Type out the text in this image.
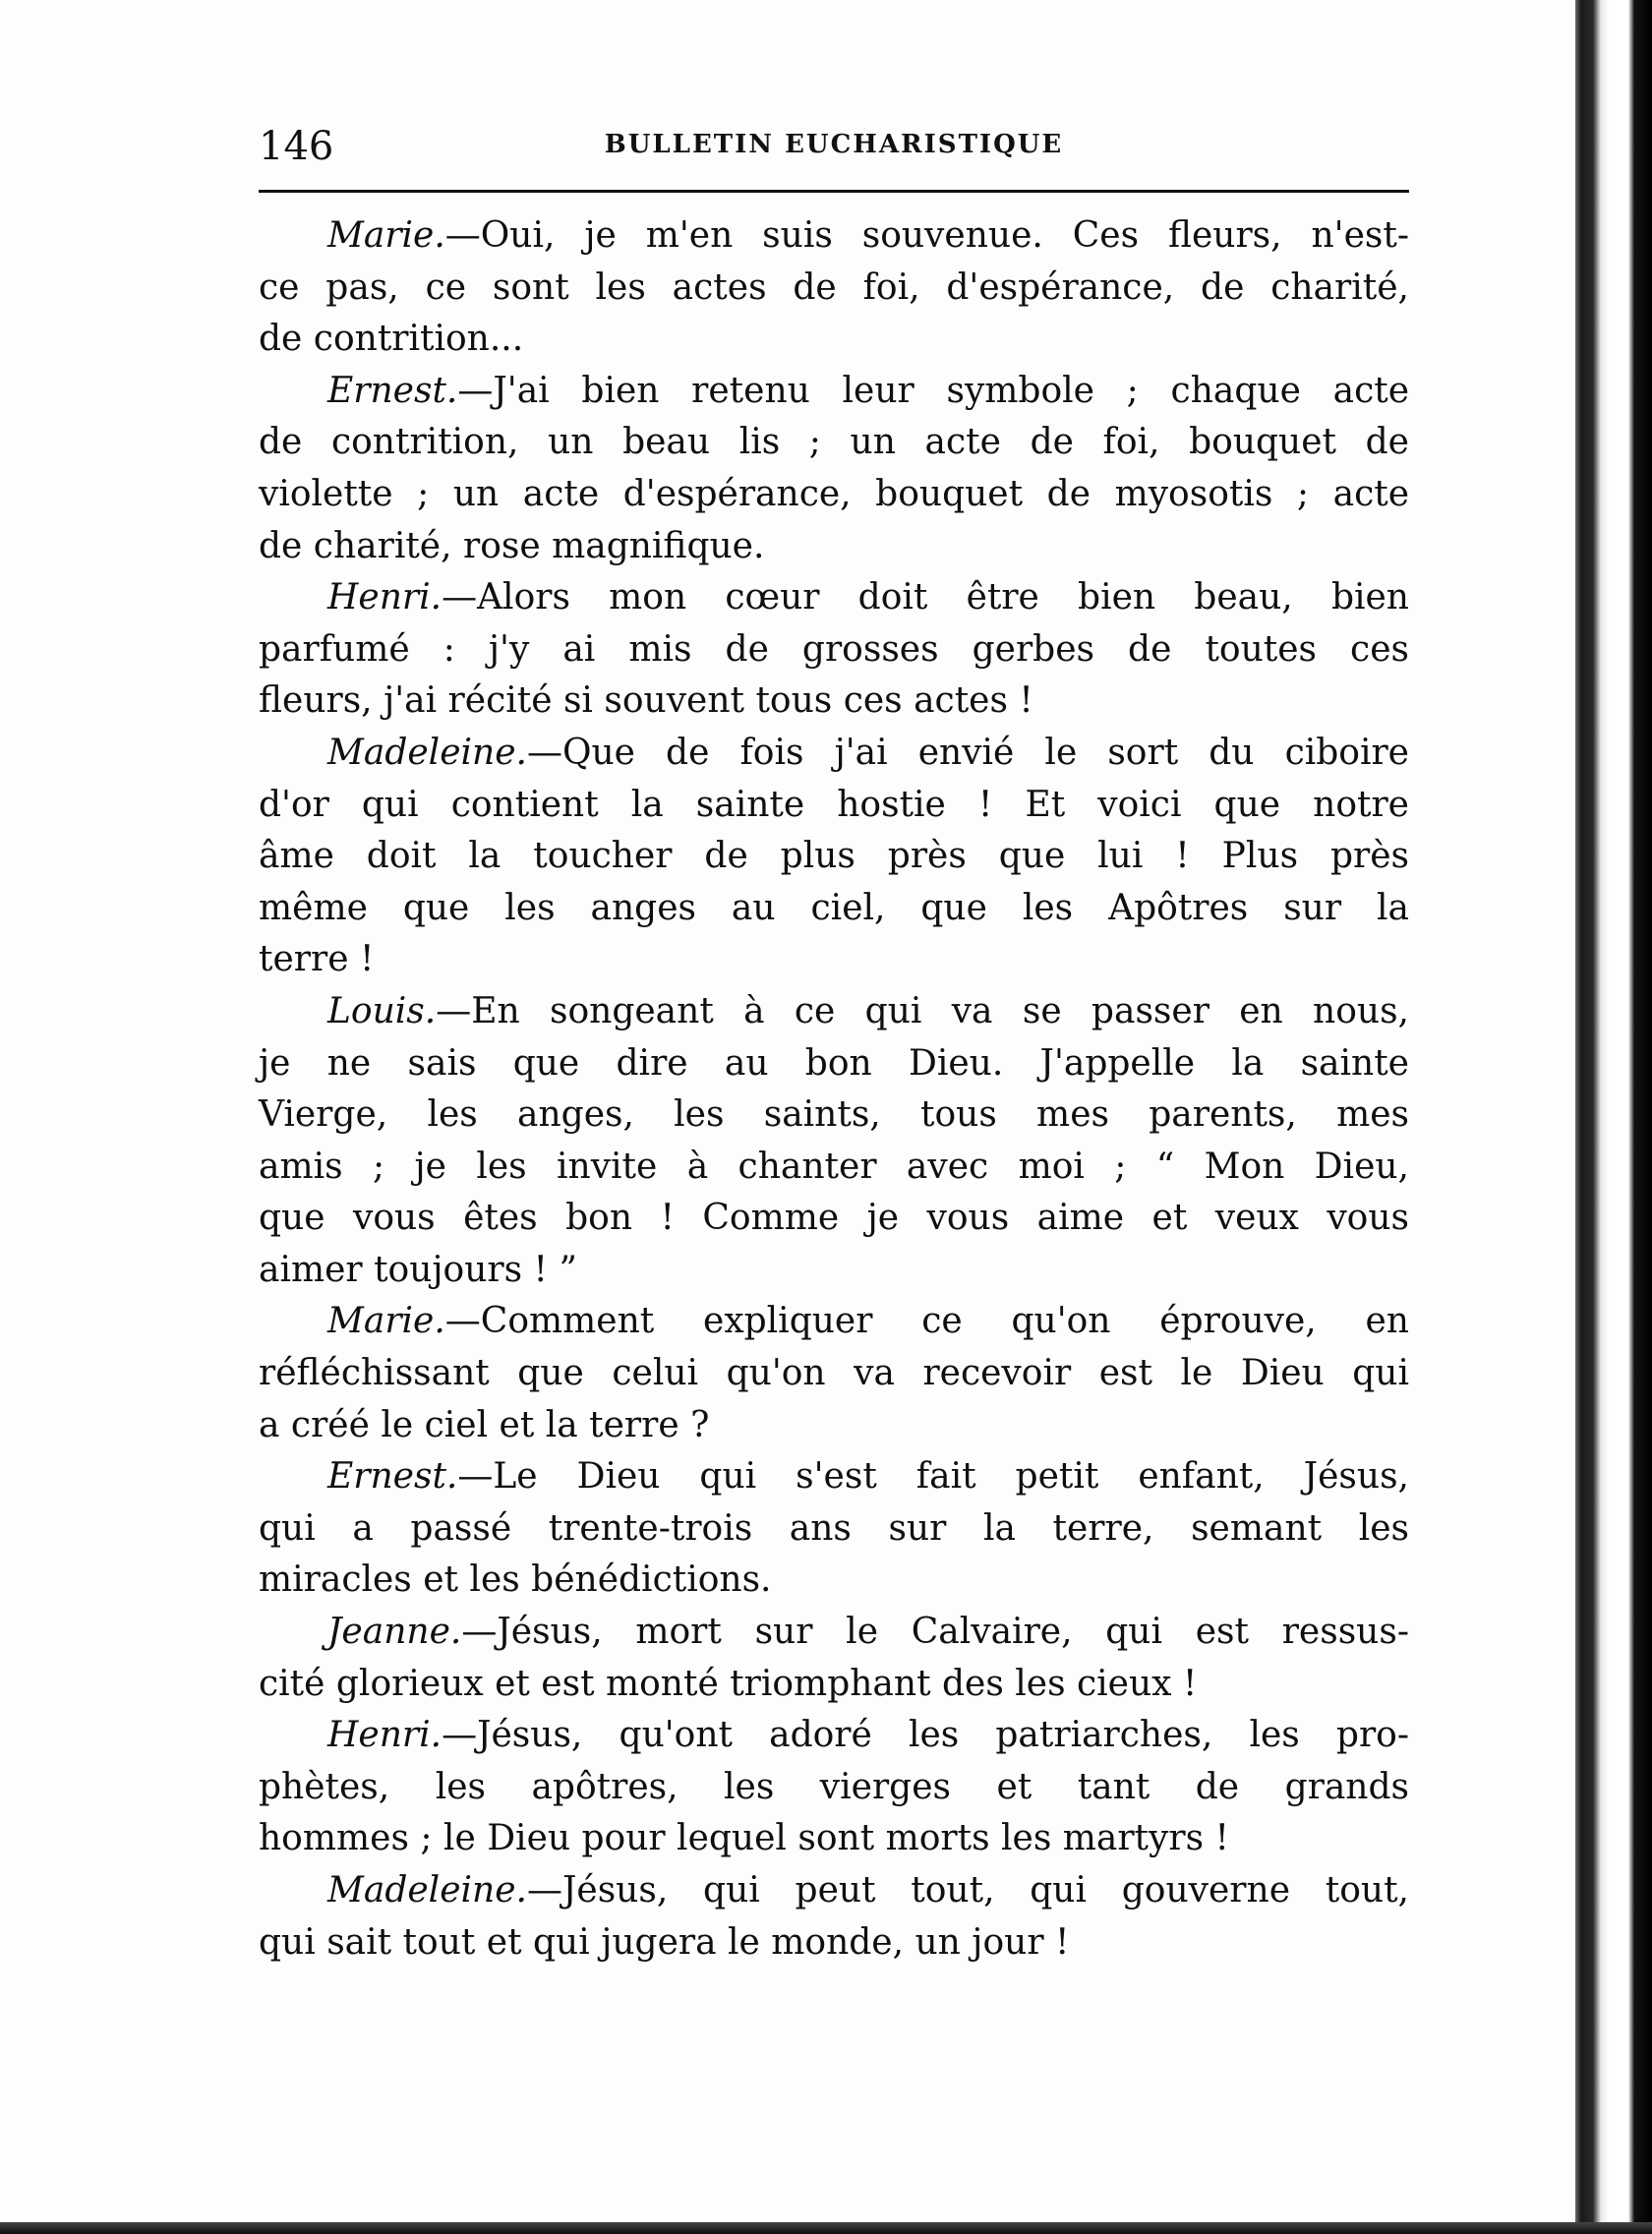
146	BULLETIN EUCHARISTIQUE
Marie.—Oui, je m'en suis souvenue. Ces fleurs, n'est-
ce pas, ce sont les actes de foi, d'espérance, de charité,
de contrition...
Ernest.—J'ai bien retenu leur symbole ; chaque acte
de contrition, un beau lis ; un acte de foi, bouquet de
violette ; un acte d'espérance, bouquet de myosotis ; acte
de charité, rose magnifique.
Henri.—Alors mon cœur doit être bien beau, bien
parfumé : j'y ai mis de grosses gerbes de toutes ces
fleurs, j'ai récité si souvent tous ces actes !
Madeleine.—Que de fois j'ai envié le sort du ciboire
d'or qui contient la sainte hostie ! Et voici que notre
âme doit la toucher de plus près que lui ! Plus près
même que les anges au ciel, que les Apôtres sur la
terre !
Louis.—En songeant à ce qui va se passer en nous,
je ne sais que dire au bon Dieu. J'appelle la sainte
Vierge, les anges, les saints, tous mes parents, mes
amis ; je les invite à chanter avec moi ; “ Mon Dieu,
que vous êtes bon ! Comme je vous aime et veux vous
aimer toujours ! ”
Marie.—Comment expliquer ce qu'on éprouve, en
réfléchissant que celui qu'on va recevoir est le Dieu qui
a créé le ciel et la terre ?
Ernest.—Le Dieu qui s'est fait petit enfant, Jésus,
qui a passé trente-trois ans sur la terre, semant les
miracles et les bénédictions.
Jeanne.—Jésus, mort sur le Calvaire, qui est ressus-
cité glorieux et est monté triomphant des les cieux !
Henri.—Jésus, qu'ont adoré les patriarches, les pro-
phètes, les apôtres, les vierges et tant de grands
hommes ; le Dieu pour lequel sont morts les martyrs !
Madeleine.—Jésus, qui peut tout, qui gouverne tout,
qui sait tout et qui jugera le monde, un jour !
